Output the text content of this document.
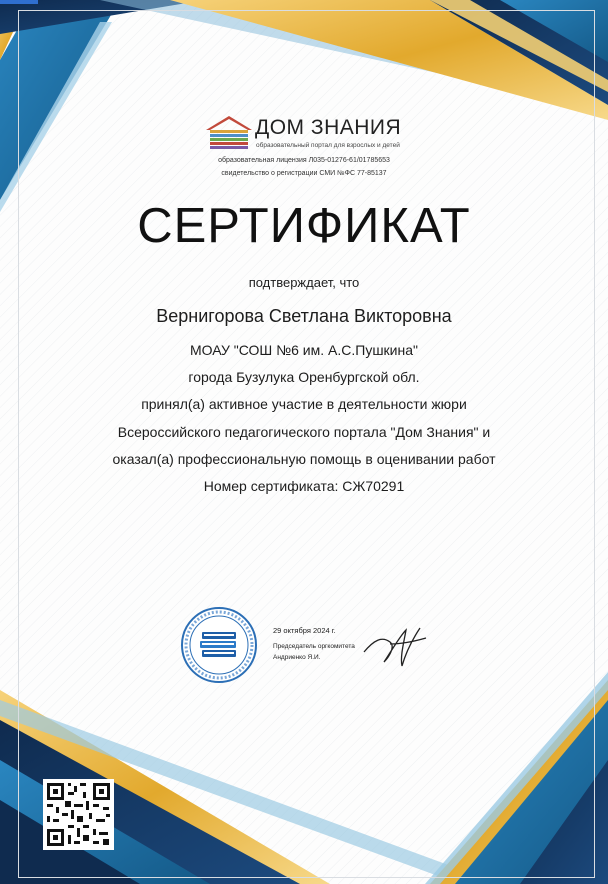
ДОМ ЗНАНИЯ
образовательный портал для взрослых и детей
образовательная лицензия Л035-01276-61/01785653
свидетельство о регистрации СМИ №ФС 77-85137
СЕРТИФИКАТ
подтверждает, что
Вернигорова Светлана Викторовна
МОАУ "СОШ №6 им. А.С.Пушкина"
города Бузулука Оренбургской обл.
принял(а) активное участие в деятельности жюри
Всероссийского педагогического портала "Дом Знания" и
оказал(а) профессиональную помощь в оценивании работ
Номер сертификата: СЖ70291
29 октября 2024 г.
Председатель оргкомитета
Андриенко Я.И.
